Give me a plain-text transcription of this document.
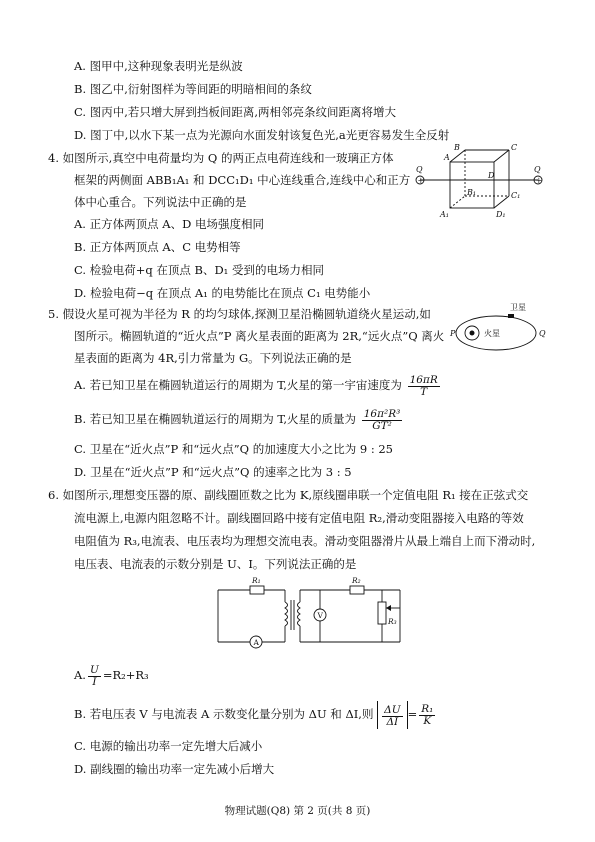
A. 图甲中,这种现象表明光是纵波
B. 图乙中,衍射图样为等间距的明暗相间的条纹
C. 图丙中,若只增大屏到挡板间距离,两相邻亮条纹间距离将增大
D. 图丁中,以水下某一点为光源向水面发射该复色光,a光更容易发生全反射
4. 如图所示,真空中电荷量均为 Q 的两正点电荷连线和一玻璃正方体
框架的两侧面 ABB₁A₁ 和 DCC₁D₁ 中心连线重合,连线中心和正方
体中心重合。下列说法中正确的是
A. 正方体两顶点 A、D 电场强度相同
B. 正方体两顶点 A、C 电势相等
C. 检验电荷+q 在顶点 B、D₁ 受到的电场力相同
D. 检验电荷−q 在顶点 A₁ 的电势能比在顶点 C₁ 电势能小
+	+
Q	Q
B
A
C
D
B₁
A₁
C₁
D₁
5. 假设火星可视为半径为 R 的均匀球体,探测卫星沿椭圆轨道绕火星运动,如
图所示。椭圆轨道的“近火点”P 离火星表面的距离为 2R,“远火点”Q 离火
星表面的距离为 4R,引力常量为 G。下列说法正确的是
卫星
火星
P	Q
A. 若已知卫星在椭圆轨道运行的周期为 T,火星的第一宇宙速度为 $\frac{16\pi R}{T}$
B. 若已知卫星在椭圆轨道运行的周期为 T,火星的质量为 $\frac{\text{16π²R³}}{\text{GT²}}$
C. 卫星在“近火点”P 和“远火点”Q 的加速度大小之比为 9 : 25
D. 卫星在“近火点”P 和“远火点”Q 的速率之比为 3 : 5
6. 如图所示,理想变压器的原、副线圈匝数之比为 K,原线圈串联一个定值电阻 R₁ 接在正弦式交
流电源上,电源内阻忽略不计。副线圈回路中接有定值电阻 R₂,滑动变阻器接入电路的等效
电阻值为 R₃,电流表、电压表均为理想交流电表。滑动变阻器滑片从最上端自上而下滑动时,
电压表、电流表的示数分别是 U、I。下列说法正确的是
R₁	R₂
R₃
V
A
A. $\frac{U}{I} =R_2+R_3$
B. 若电压表 V 与电流表 A 示数变化量分别为 ΔU 和 ΔI,则 $\frac{\Delta U}{\Delta I} = \frac{\text{R₁}}{K}$
C. 电源的输出功率一定先增大后减小
D. 副线圈的输出功率一定先减小后增大
物理试题(Q8) 第 2 页(共 8 页)
